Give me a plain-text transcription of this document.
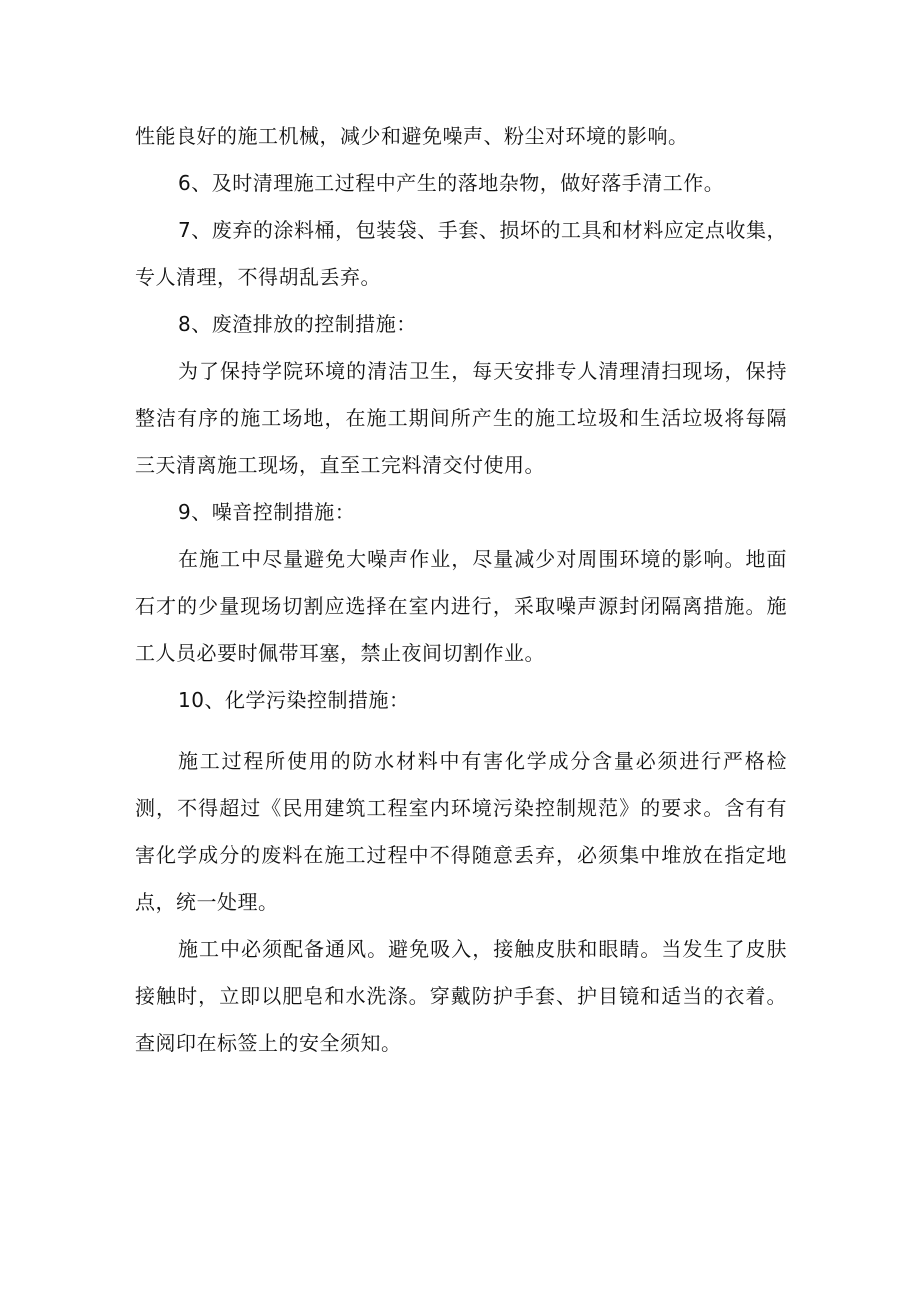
性能良好的施工机械，减少和避免噪声、粉尘对环境的影响。

6、及时清理施工过程中产生的落地杂物，做好落手清工作。

7、废弃的涂料桶，包装袋、手套、损坏的工具和材料应定点收集，专人清理，不得胡乱丢弃。

8、废渣排放的控制措施：

为了保持学院环境的清洁卫生，每天安排专人清理清扫现场，保持整洁有序的施工场地，在施工期间所产生的施工垃圾和生活垃圾将每隔三天清离施工现场，直至工完料清交付使用。

9、噪音控制措施：

在施工中尽量避免大噪声作业，尽量减少对周围环境的影响。地面石才的少量现场切割应选择在室内进行，采取噪声源封闭隔离措施。施工人员必要时佩带耳塞，禁止夜间切割作业。

10、化学污染控制措施：

施工过程所使用的防水材料中有害化学成分含量必须进行严格检测，不得超过《民用建筑工程室内环境污染控制规范》的要求。含有有害化学成分的废料在施工过程中不得随意丢弃，必须集中堆放在指定地点，统一处理。

施工中必须配备通风。避免吸入，接触皮肤和眼睛。当发生了皮肤接触时，立即以肥皂和水洗涤。穿戴防护手套、护目镜和适当的衣着。查阅印在标签上的安全须知。
